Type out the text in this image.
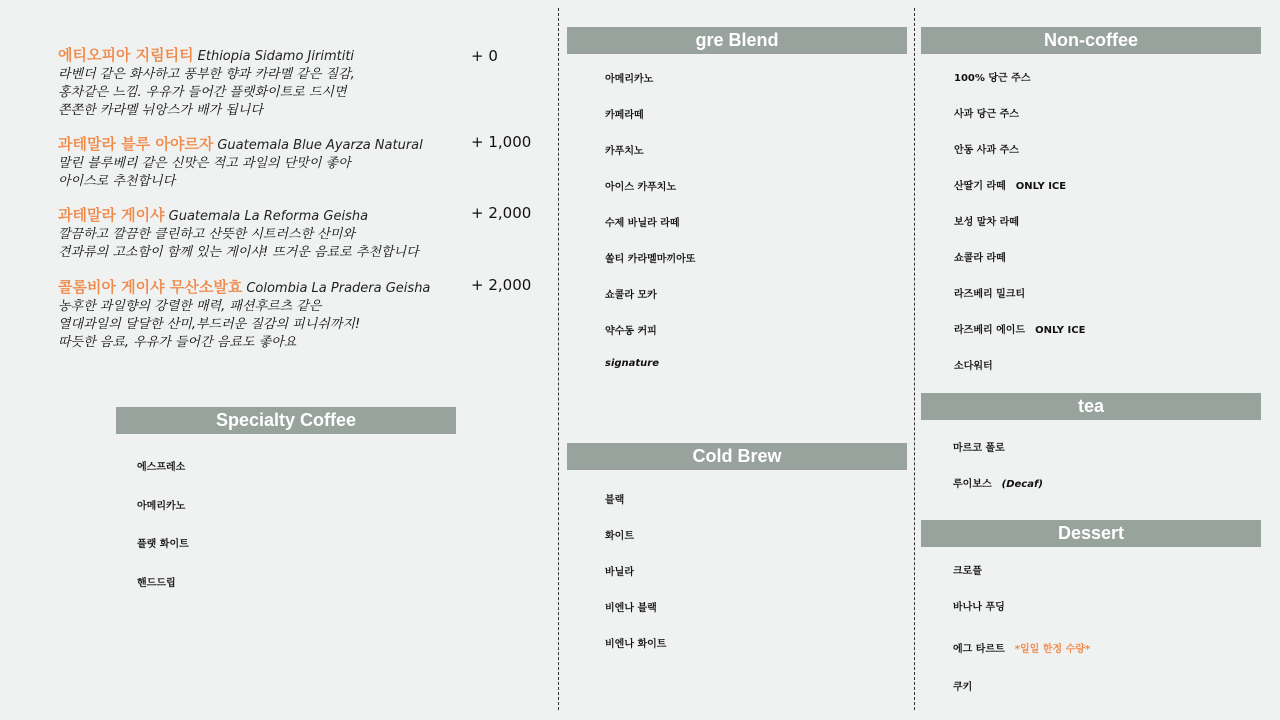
에티오피아 지림티티 Ethiopia Sidamo Jirimtiti
라벤더 같은 화사하고 풍부한 향과 카라멜 같은 질감,
홍차같은 느낌. 우유가 들어간 플랫화이트로 드시면
쫀쫀한 카라멜 뉘앙스가 배가 됩니다
+ 0
과테말라 블루 아야르자 Guatemala Blue Ayarza Natural
말린 블루베리 같은 신맛은 적고 과일의 단맛이 좋아
아이스로 추천합니다
+ 1,000
과테말라 게이샤 Guatemala La Reforma Geisha
깔끔하고 깔끔한 클린하고 산뜻한 시트러스한 산미와
견과류의 고소함이 함께 있는 게이샤! 뜨거운 음료로 추천합니다
+ 2,000
콜롬비아 게이샤 무산소발효 Colombia La Pradera Geisha
농후한 과일향의 강렬한 매력, 패션후르츠 같은
열대과일의 달달한 산미,부드러운 질감의 피니쉬까지!
따듯한 음료, 우유가 들어간 음료도 좋아요
+ 2,000
Specialty Coffee
에스프레소
아메리카노
플랫 화이트
핸드드립
gre Blend
아메리카노
카페라떼
카푸치노
아이스 카푸치노
수제 바닐라 라떼
쏠티 카라멜마끼아또
쇼콜라 모카
약수동 커피
signature
Cold Brew
블랙
화이트
바닐라
비엔나 블랙
비엔나 화이트
Non-coffee
100% 당근 주스
사과 당근 주스
안동 사과 주스
산딸기 라떼 ONLY ICE
보성 말차 라떼
쇼콜라 라떼
라즈베리 밀크티
라즈베리 에이드 ONLY ICE
소다워터
tea
마르코 폴로
루이보스 (Decaf)
Dessert
크로플
바나나 푸딩
에그 타르트 *일일 한정 수량*
쿠키
